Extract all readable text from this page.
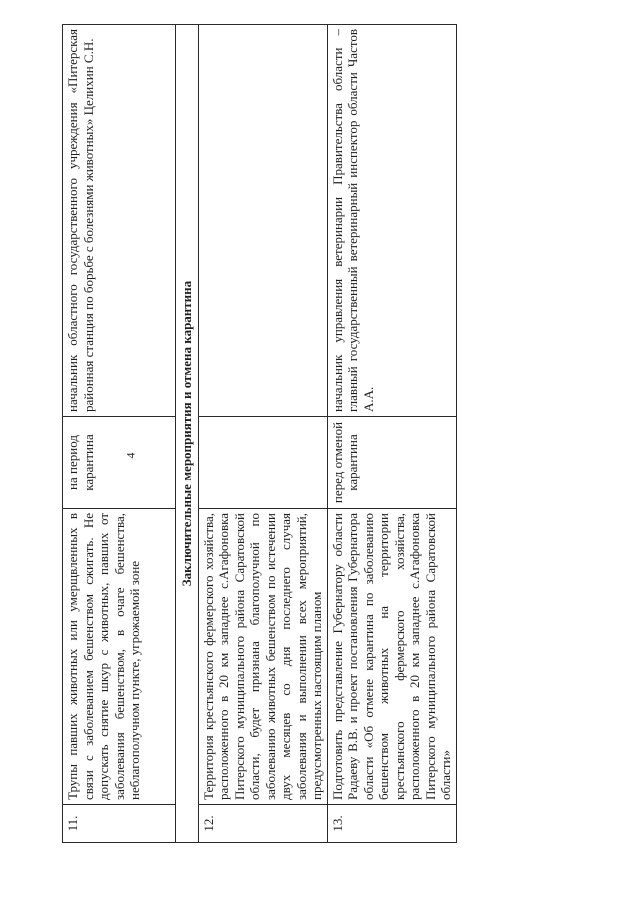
4
11.	Трупы павших животных или умерщвленных в связи с заболеванием бешенством сжигать. Не допускать снятие шкур с животных, павших от заболевания бешенством, в очаге бешенства, неблагополучном пункте, угрожаемой зоне	на период карантина	начальник областного государственного учреждения «Питерская районная станция по борьбе с болезнями животных» Целихин С.Н.
Заключительные мероприятия и отмена карантина			
12.	Территория крестьянского фермерского хозяйства, расположенного в 20 км западнее с.Агафоновка Питерского муниципального района Саратовской области, будет признана благополучной по заболеванию животных бешенством по истечении двух месяцев со дня последнего случая заболевания и выполнении всех мероприятий, предусмотренных настоящим планом		
13.	Подготовить представление Губернатору области Радаеву В.В. и проект постановления Губернатора области «Об отмене карантина по заболеванию бешенством животных на территории крестьянского фермерского хозяйства, расположенного в 20 км западнее с.Агафоновка Питерского муниципального района Саратовской области»	перед отменой карантина	начальник управления ветеринарии Правительства области – главный государственный ветеринарный инспектор области Частов А.А.
